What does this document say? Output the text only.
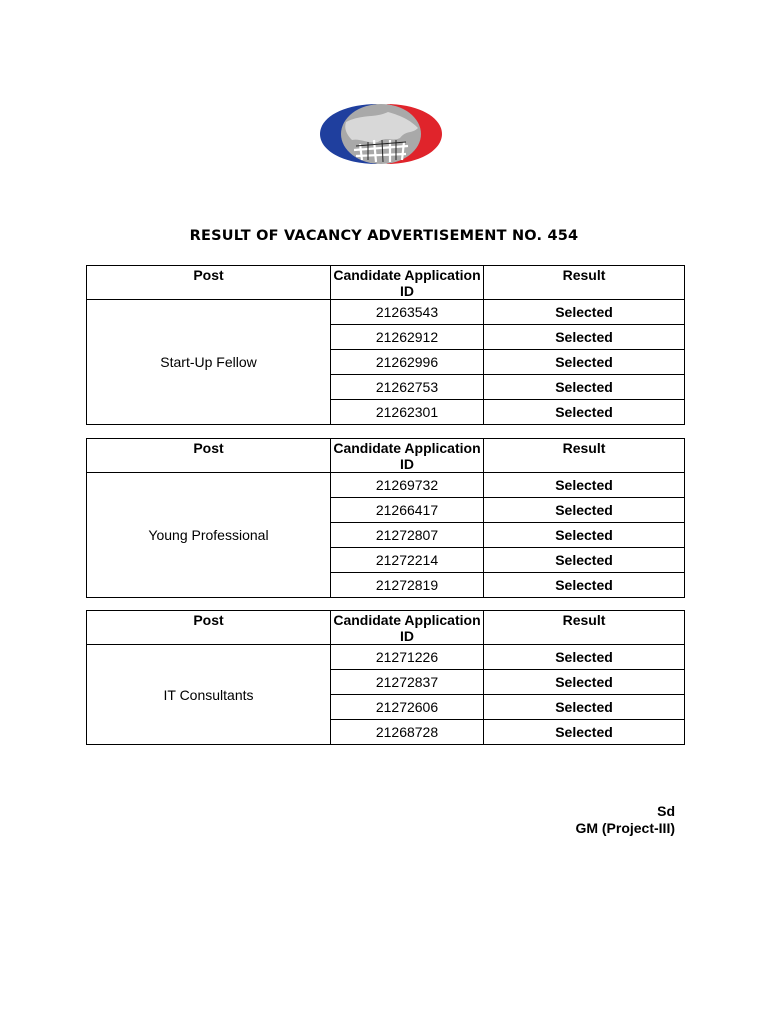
RESULT OF VACANCY ADVERTISEMENT NO. 454
Post	Candidate Application ID	Result
Start-Up Fellow	21263543	Selected
	21262912	Selected
	21262996	Selected
	21262753	Selected
	21262301	Selected
Post	Candidate Application ID	Result
Young Professional	21269732	Selected
	21266417	Selected
	21272807	Selected
	21272214	Selected
	21272819	Selected
Post	Candidate Application ID	Result
IT Consultants	21271226	Selected
	21272837	Selected
	21272606	Selected
	21268728	Selected
Sd
GM (Project-III)
